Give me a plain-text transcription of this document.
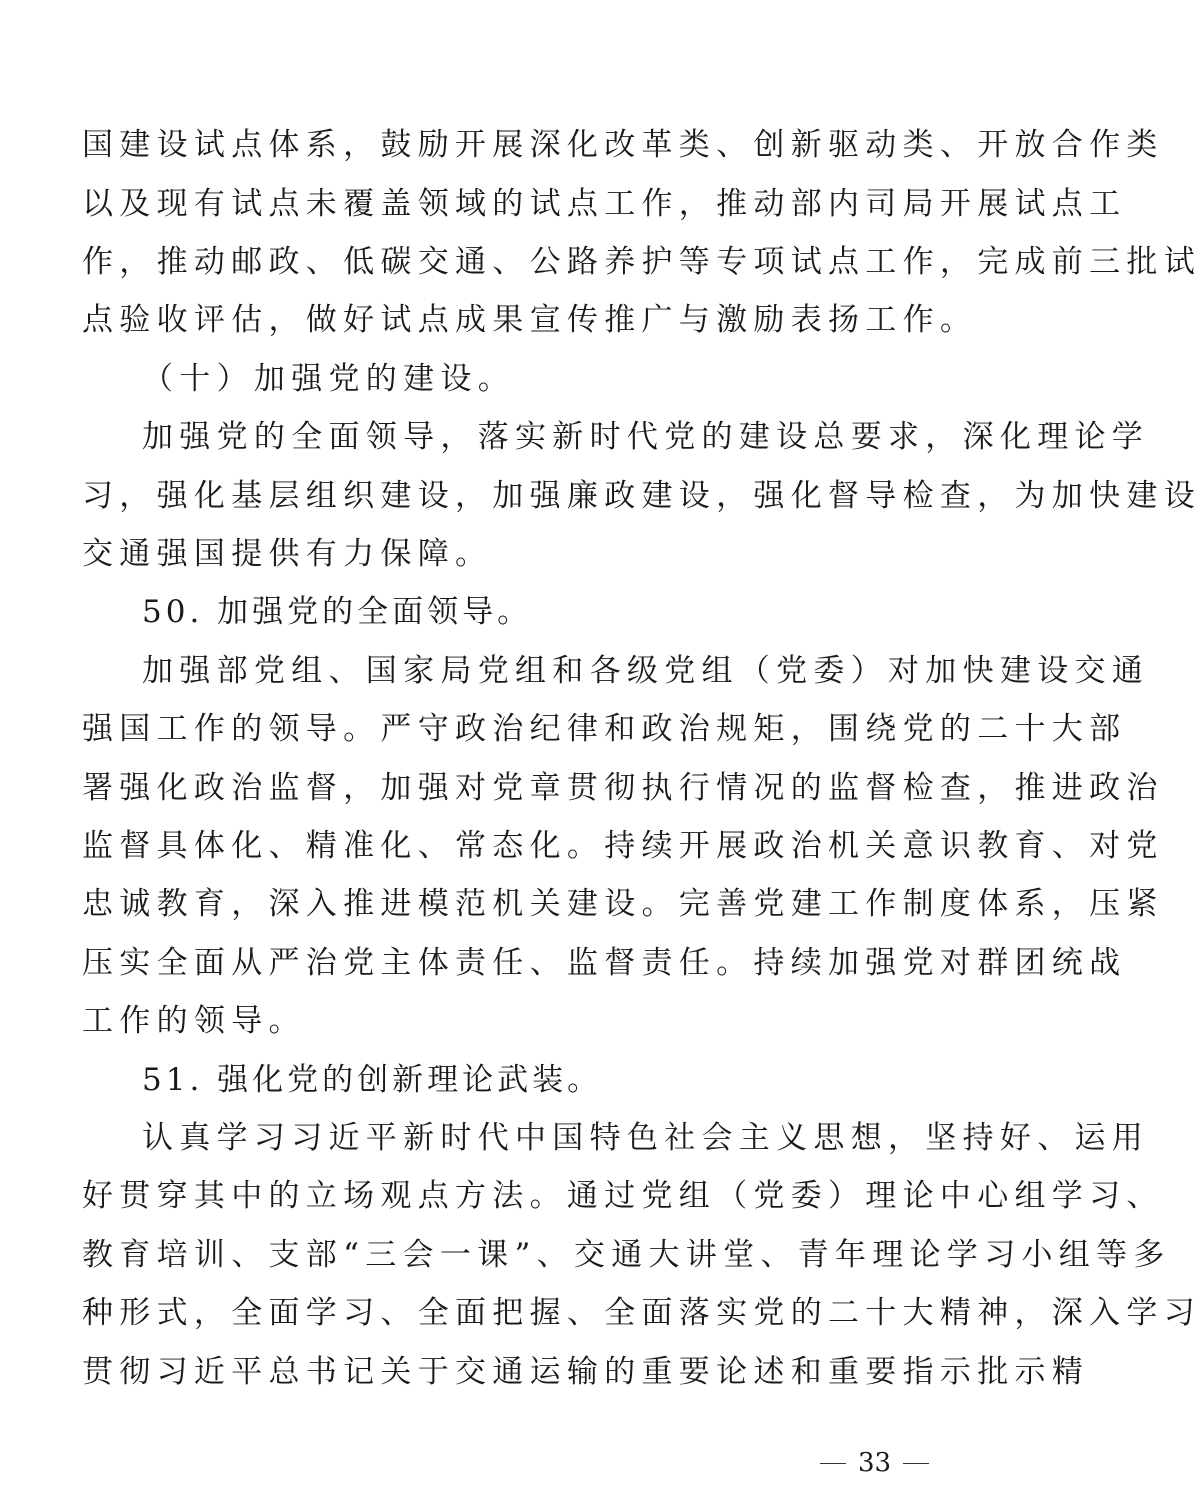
国建设试点体系，鼓励开展深化改革类、创新驱动类、开放合作类
以及现有试点未覆盖领域的试点工作，推动部内司局开展试点工
作，推动邮政、低碳交通、公路养护等专项试点工作，完成前三批试
点验收评估，做好试点成果宣传推广与激励表扬工作。
（十）加强党的建设。
加强党的全面领导，落实新时代党的建设总要求，深化理论学
习，强化基层组织建设，加强廉政建设，强化督导检查，为加快建设
交通强国提供有力保障。
50. 加强党的全面领导。
加强部党组、国家局党组和各级党组（党委）对加快建设交通
强国工作的领导。严守政治纪律和政治规矩，围绕党的二十大部
署强化政治监督，加强对党章贯彻执行情况的监督检查，推进政治
监督具体化、精准化、常态化。持续开展政治机关意识教育、对党
忠诚教育，深入推进模范机关建设。完善党建工作制度体系，压紧
压实全面从严治党主体责任、监督责任。持续加强党对群团统战
工作的领导。
51. 强化党的创新理论武装。
认真学习习近平新时代中国特色社会主义思想，坚持好、运用
好贯穿其中的立场观点方法。通过党组（党委）理论中心组学习、
教育培训、支部“三会一课”、交通大讲堂、青年理论学习小组等多
种形式，全面学习、全面把握、全面落实党的二十大精神，深入学习
贯彻习近平总书记关于交通运输的重要论述和重要指示批示精
33
